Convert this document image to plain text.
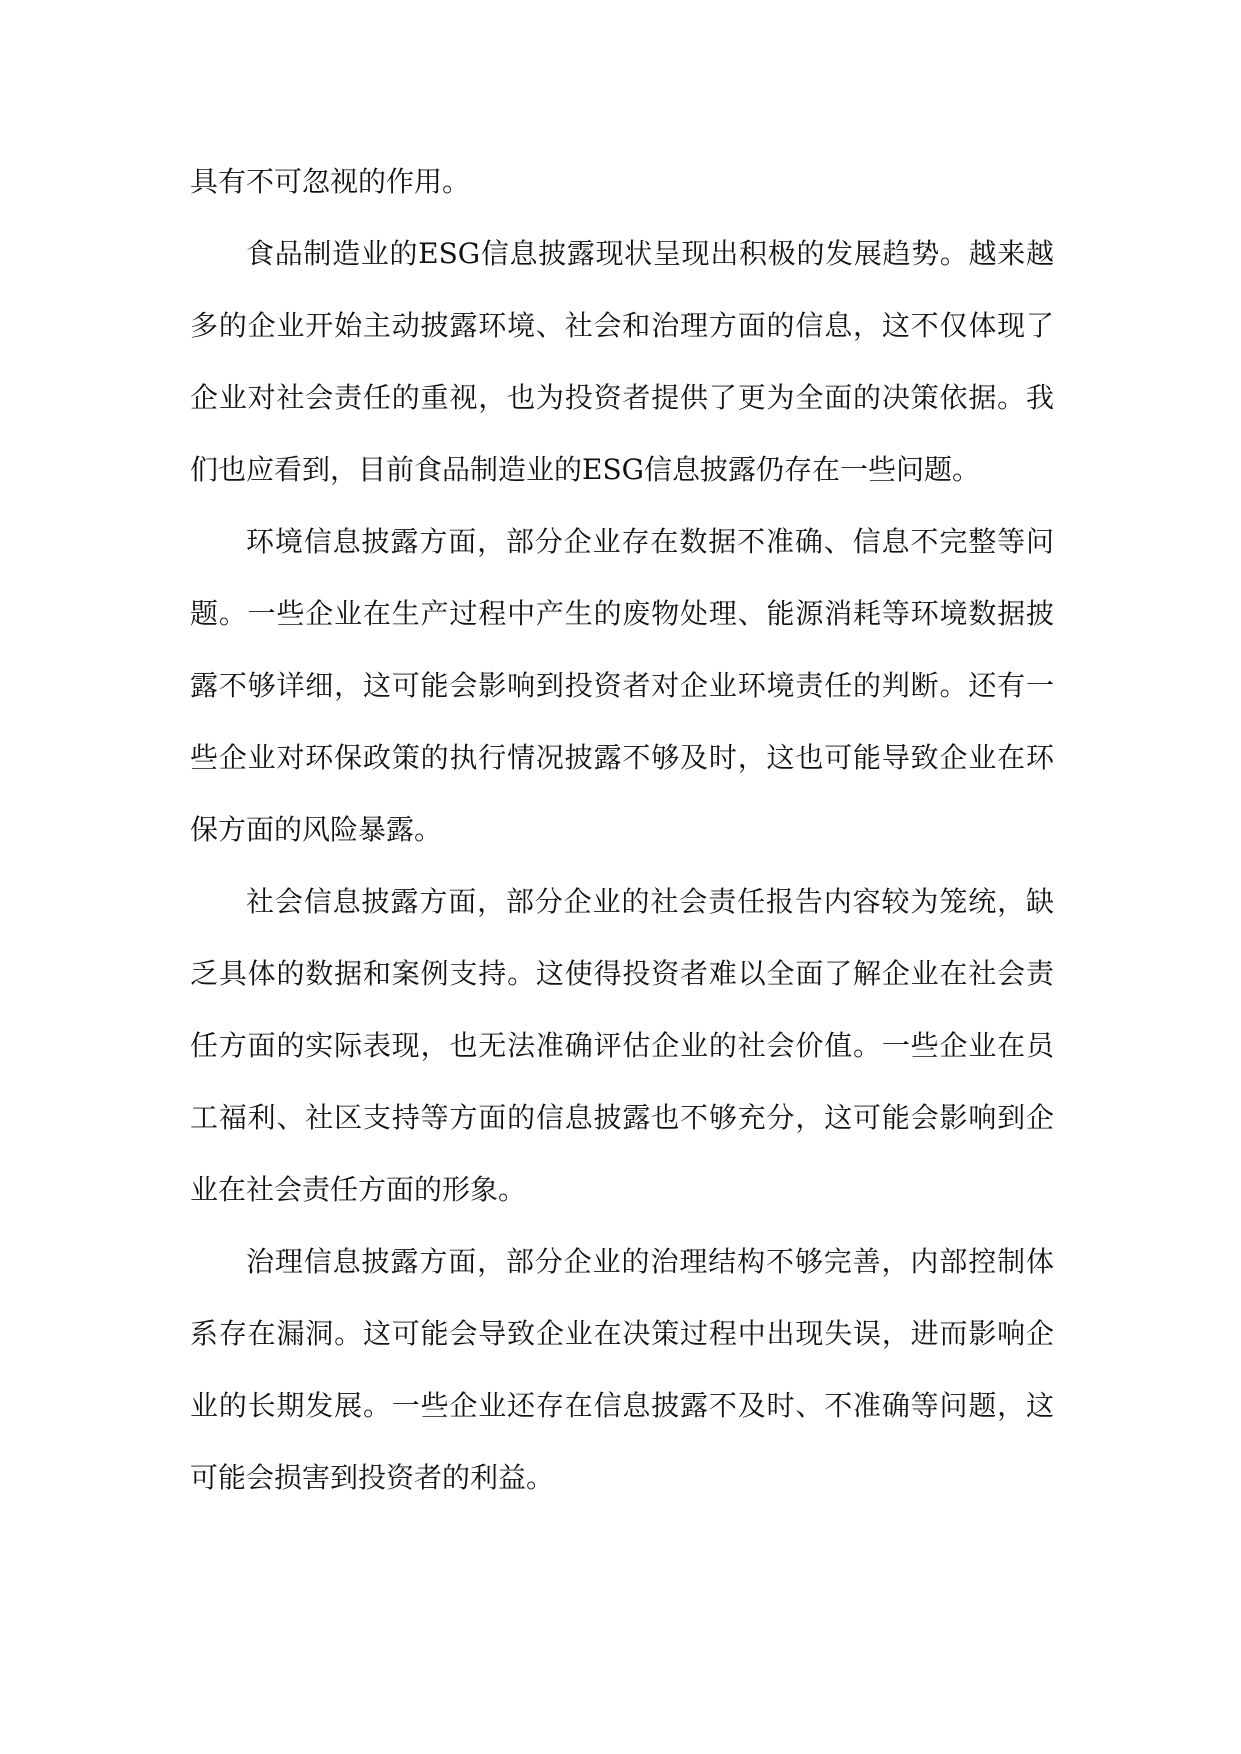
具有不可忽视的作用。

食品制造业的ESG信息披露现状呈现出积极的发展趋势。越来越多的企业开始主动披露环境、社会和治理方面的信息，这不仅体现了企业对社会责任的重视，也为投资者提供了更为全面的决策依据。我们也应看到，目前食品制造业的ESG信息披露仍存在一些问题。

环境信息披露方面，部分企业存在数据不准确、信息不完整等问题。一些企业在生产过程中产生的废物处理、能源消耗等环境数据披露不够详细，这可能会影响到投资者对企业环境责任的判断。还有一些企业对环保政策的执行情况披露不够及时，这也可能导致企业在环保方面的风险暴露。

社会信息披露方面，部分企业的社会责任报告内容较为笼统，缺乏具体的数据和案例支持。这使得投资者难以全面了解企业在社会责任方面的实际表现，也无法准确评估企业的社会价值。一些企业在员工福利、社区支持等方面的信息披露也不够充分，这可能会影响到企业在社会责任方面的形象。

治理信息披露方面，部分企业的治理结构不够完善，内部控制体系存在漏洞。这可能会导致企业在决策过程中出现失误，进而影响企业的长期发展。一些企业还存在信息披露不及时、不准确等问题，这可能会损害到投资者的利益。
